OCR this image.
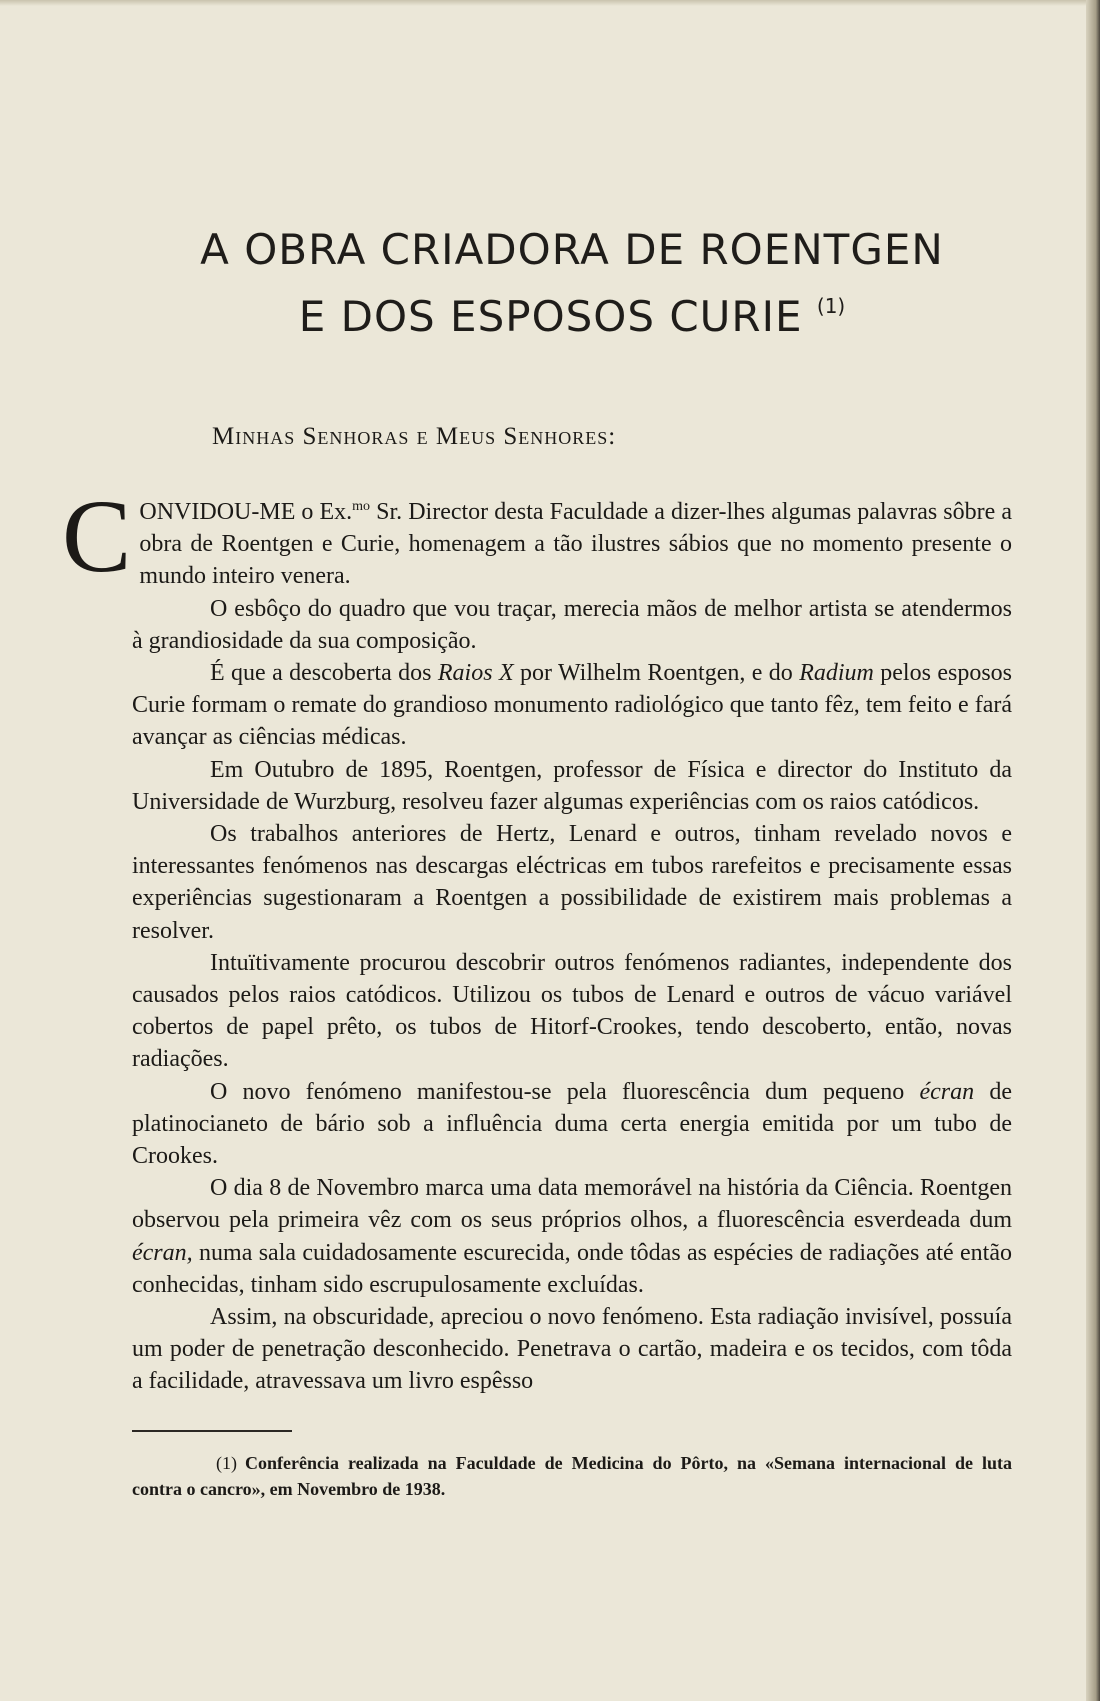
A OBRA CRIADORA DE ROENTGEN
E DOS ESPOSOS CURIE $^{(1)}$
Minhas Senhoras e Meus Senhores:

CONVIDOU-ME o Ex.$^{mo}$ Sr. Director desta Faculdade a dizer-lhes algumas palavras sôbre a obra de Roentgen e Curie, homenagem a tão ilustres sábios que no momento presente o mundo inteiro venera.

O esbôço do quadro que vou traçar, merecia mãos de melhor artista se atendermos à grandiosidade da sua composição.

É que a descoberta dos Raios X por Wilhelm Roentgen, e do Radium pelos esposos Curie formam o remate do grandioso monumento radiológico que tanto fêz, tem feito e fará avançar as ciências médicas.

Em Outubro de 1895, Roentgen, professor de Física e director do Instituto da Universidade de Wurzburg, resolveu fazer algumas experiências com os raios catódicos.

Os trabalhos anteriores de Hertz, Lenard e outros, tinham revelado novos e interessantes fenómenos nas descargas eléctricas em tubos rarefeitos e precisamente essas experiências sugestionaram a Roentgen a possibilidade de existirem mais problemas a resolver.

Intuïtivamente procurou descobrir outros fenómenos radiantes, independente dos causados pelos raios catódicos. Utilizou os tubos de Lenard e outros de vácuo variável cobertos de papel prêto, os tubos de Hitorf-Crookes, tendo descoberto, então, novas radiações.

O novo fenómeno manifestou-se pela fluorescência dum pequeno écran de platinocianeto de bário sob a influência duma certa energia emitida por um tubo de Crookes.

O dia 8 de Novembro marca uma data memorável na história da Ciência. Roentgen observou pela primeira vêz com os seus próprios olhos, a fluorescência esverdeada dum écran, numa sala cuidadosamente escurecida, onde tôdas as espécies de radiações até então conhecidas, tinham sido escrupulosamente excluídas.

Assim, na obscuridade, apreciou o novo fenómeno. Esta radiação invisível, possuía um poder de penetração desconhecido. Penetrava o cartão, madeira e os tecidos, com tôda a facilidade, atravessava um livro espêsso

(1) Conferência realizada na Faculdade de Medicina do Pôrto, na «Semana internacional de luta contra o cancro», em Novembro de 1938.
